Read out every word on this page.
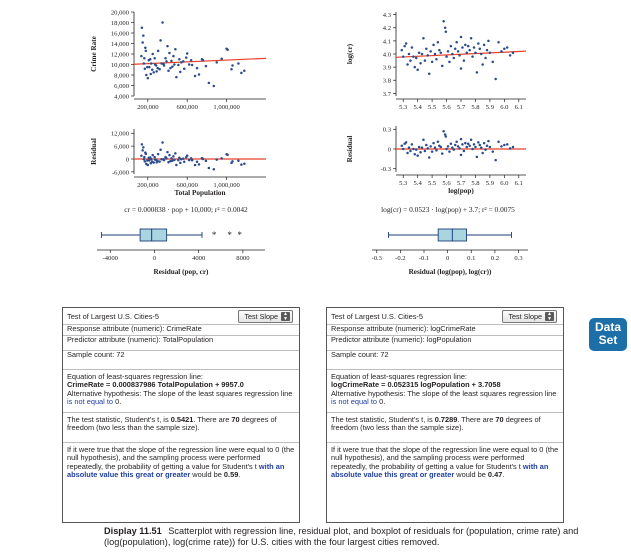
20,000
18,000
16,000
14,000
12,000
10,000
8,000
6,000
4,000
200,000	600,000 1,000,000
Crime Rate
12,000
6,000
0
-6,000
200,000	600,000 1,000,000
Residual
Total Population
* * *
-4000	0	4000	8000
Residual (pop, cr)
4.3
4.2
4.1
4.0
3.9
3.8
3.7
5.3 5.4 5.5 5.6 5.7 5.8 5.9 6.0 6.1
log(cr)
0.3
0
-0.3
5.3 5.4 5.5 5.6 5.7 5.8 5.9 6.0 6.1
Residual
log(pop)
-0.3 -0.2 -0.1	0	0.1 0.2 0.3
Residual (log(pop), log(cr))
cr = 0.000838 · pop + 10,000; r² = 0.0042	log(cr) = 0.0523 · log(pop) + 3.7; r² = 0.0075
Data
Set
Test of Largest U.S. Cities-5	Test Slope	▲
▼
Response attribute (numeric): CrimeRate
Predictor attribute (numeric): TotalPopulation
Sample count: 72
Equation of least-squares regression line:
CrimeRate = 0.000837986 TotalPopulation + 9957.0
Alternative hypothesis: The slope of the least squares regression line is not equal to 0.
The test statistic, Student's t, is 0.5421. There are 70 degrees of freedom (two less than the sample size).
If it were true that the slope of the regression line were equal to 0 (the null hypothesis), and the sampling process were performed repeatedly, the probability of getting a value for Student's t with an absolute value this great or greater would be 0.59.
Test of Largest U.S. Cities-5	Test Slope	▲
▼
Response attribute (numeric): logCrimeRate
Predictor attribute (numeric): logPopulation
Sample count: 72
Equation of least-squares regression line:
logCrimeRate = 0.052315 logPopulation + 3.7058
Alternative hypothesis: The slope of the least squares regression line is not equal to 0.
The test statistic, Student's t, is 0.7289. There are 70 degrees of freedom (two less than the sample size).
If it were true that the slope of the regression line were equal to 0 (the null hypothesis), and the sampling process were performed repeatedly, the probability of getting a value for Student's t with an absolute value this great or greater would be 0.47.
Display 11.51 Scatterplot with regression line, residual plot, and boxplot of residuals for (population, crime rate) and (log(population), log(crime rate)) for U.S. cities with the four largest cities removed.
